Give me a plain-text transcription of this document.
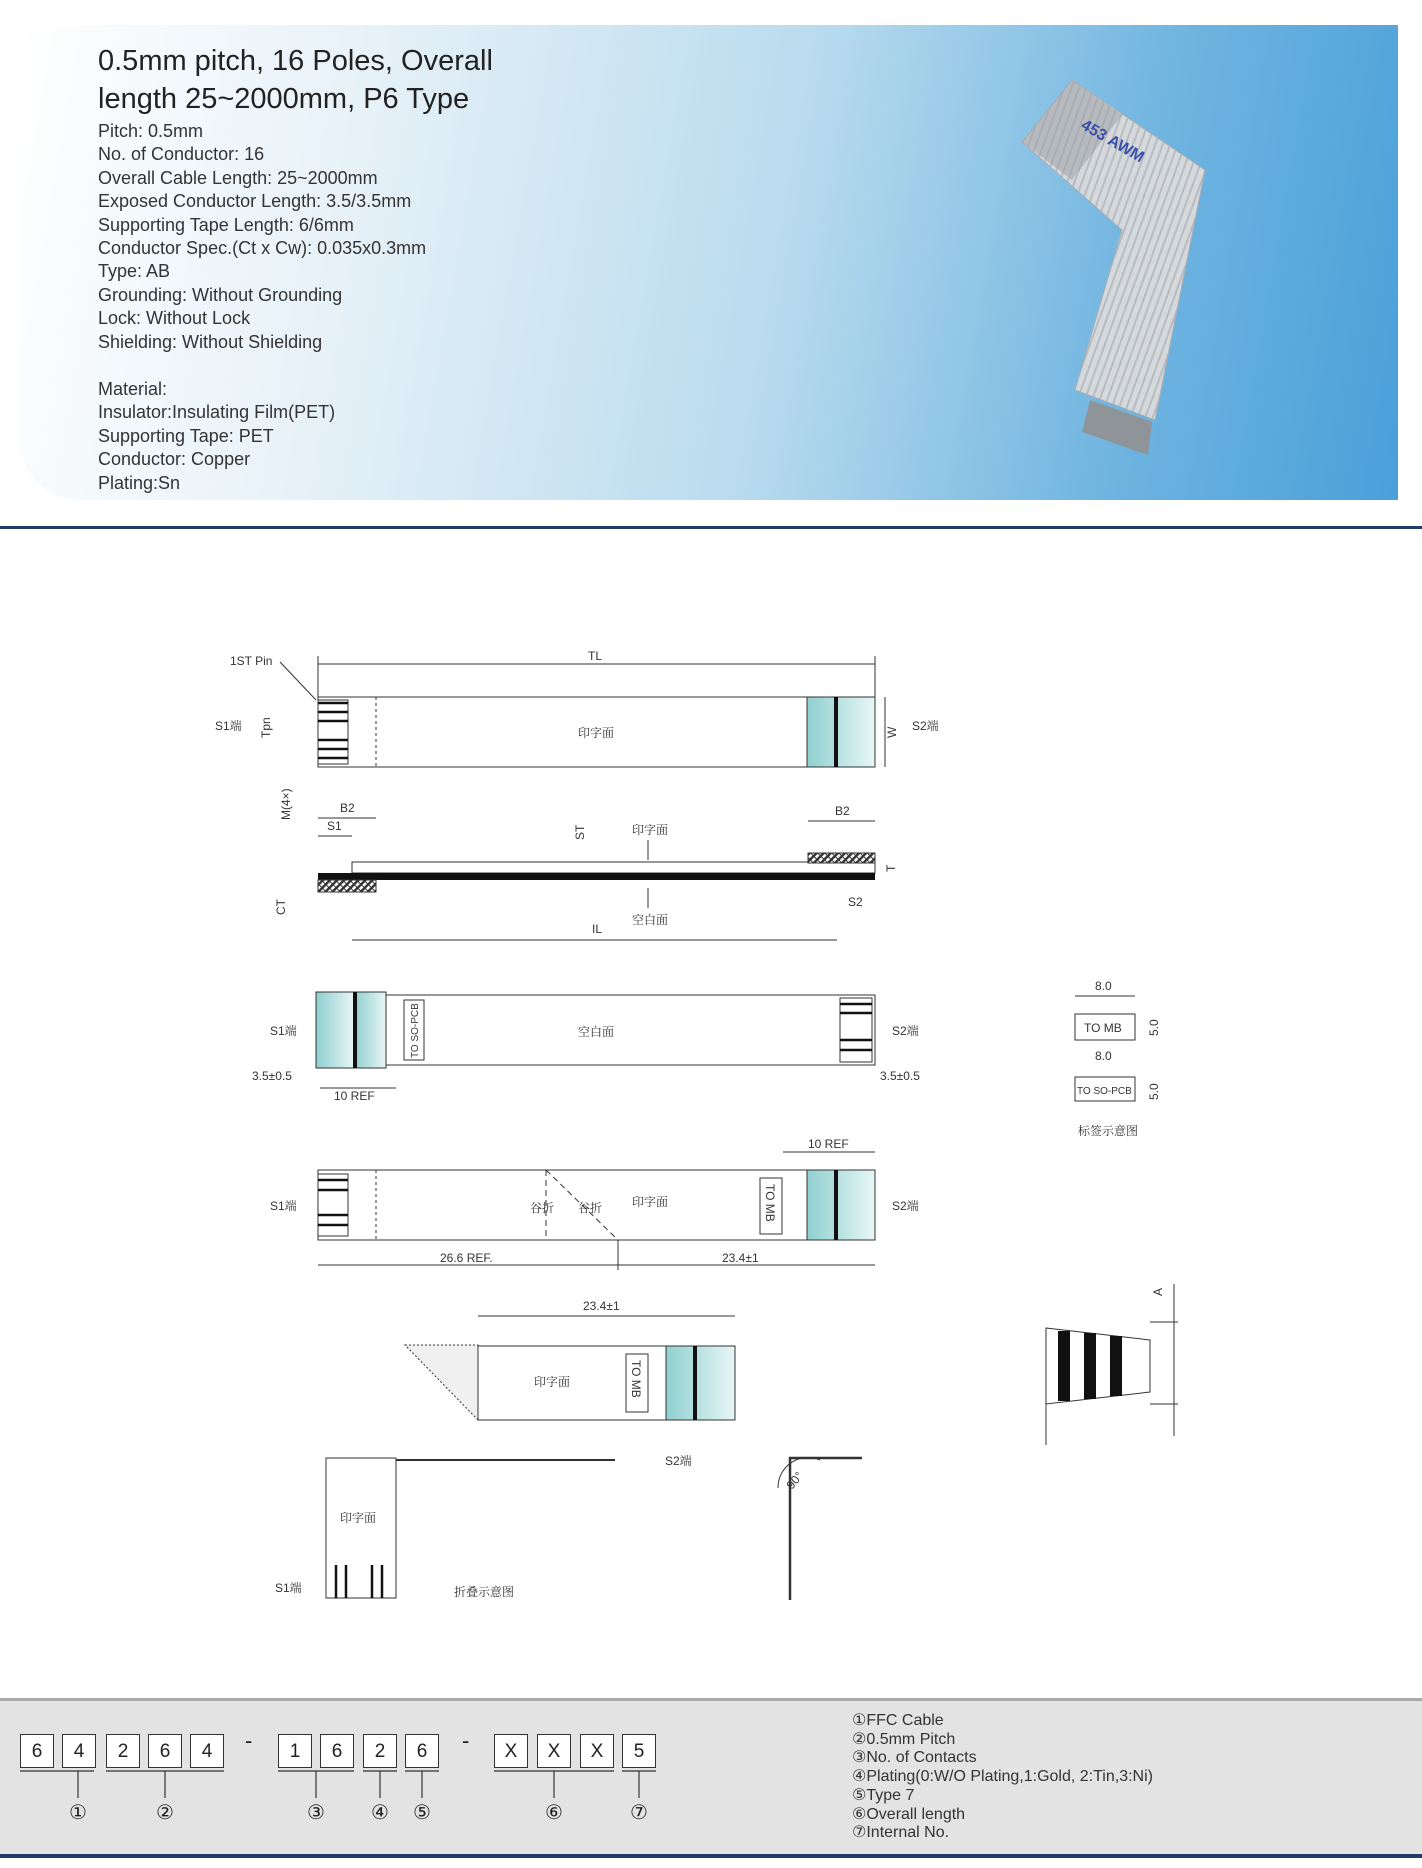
0.5mm pitch, 16 Poles, Overall
length 25~2000mm, P6 Type
Pitch: 0.5mm
No. of Conductor: 16
Overall Cable Length: 25~2000mm
Exposed Conductor Length: 3.5/3.5mm
Supporting Tape Length: 6/6mm
Conductor Spec.(Ct x Cw): 0.035x0.3mm
Type: AB
Grounding: Without Grounding
Lock: Without Lock
Shielding: Without Shielding
Material:
Insulator:Insulating Film(PET)
Supporting Tape: PET
Conductor: Copper
Plating:Sn
453 AWM
TL
1ST Pin
S1端	S2端
印字面
Tpn	W
M(4×)	B2
S1
B2
ST	印字面
T
S2
CT
空白面
IL
TO SO-PCB
S1端	S2端
空白面
3.5±0.5	3.5±0.5
10 REF
8.0
TO MB 5.0
8.0
TO SO-PCB 5.0
标签示意图
10 REF
TO MB
谷折 谷折 印字面
S1端	S2端
26.6 REF.	23.4±1
23.4±1
TO MB
印字面
A
S2端
印字面
S1端	折叠示意图
90°
6	4	2	6	4	-	1	6	2	6	-	X	X	X	5
①	②	③ ④ ⑤	⑥	⑦
①FFC Cable
②0.5mm Pitch
③No. of Contacts
④Plating(0:W/O Plating,1:Gold, 2:Tin,3:Ni)
⑤Type 7
⑥Overall length
⑦Internal No.
